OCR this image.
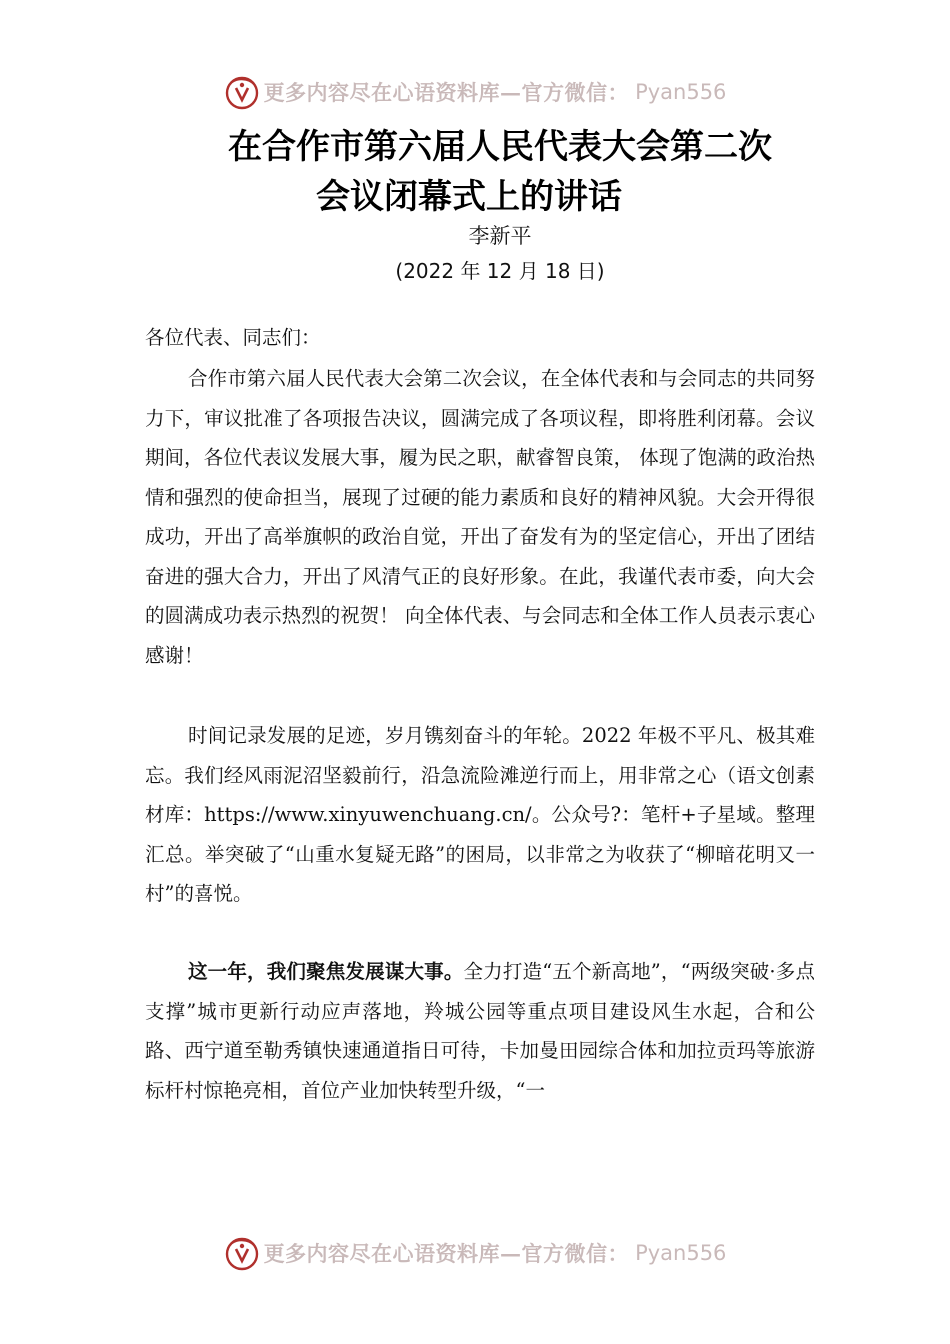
更多内容尽在心语资料库—官方微信： Pyan556
在合作市第六届人民代表大会第二次
会议闭幕式上的讲话
李新平
(2022 年 12 月 18 日)

各位代表、同志们：

合作市第六届人民代表大会第二次会议，在全体代表和与会同志的共同努力下，审议批准了各项报告决议，圆满完成了各项议程，即将胜利闭幕。会议期间，各位代表议发展大事，履为民之职，献睿智良策， 体现了饱满的政治热情和强烈的使命担当，展现了过硬的能力素质和良好的精神风貌。大会开得很成功，开出了高举旗帜的政治自觉，开出了奋发有为的坚定信心，开出了团结奋进的强大合力，开出了风清气正的良好形象。在此，我谨代表市委，向大会的圆满成功表示热烈的祝贺！ 向全体代表、与会同志和全体工作人员表示衷心感谢！

时间记录发展的足迹，岁月镌刻奋斗的年轮。2022 年极不平凡、极其难忘。我们经风雨泥沼坚毅前行，沿急流险滩逆行而上，用非常之心（语文创素材库：https://www.xinyuwenchuang.cn/。公众号?：笔杆+子星域。整理汇总。举突破了“山重水复疑无路”的困局，以非常之为收获了“柳暗花明又一村”的喜悦。

这一年，我们聚焦发展谋大事。全力打造“五个新高地”，“两级突破·多点支撑”城市更新行动应声落地，羚城公园等重点项目建设风生水起，合和公路、西宁道至勒秀镇快速通道指日可待，卡加曼田园综合体和加拉贡玛等旅游标杆村惊艳亮相，首位产业加快转型升级，“一

更多内容尽在心语资料库—官方微信： Pyan556
